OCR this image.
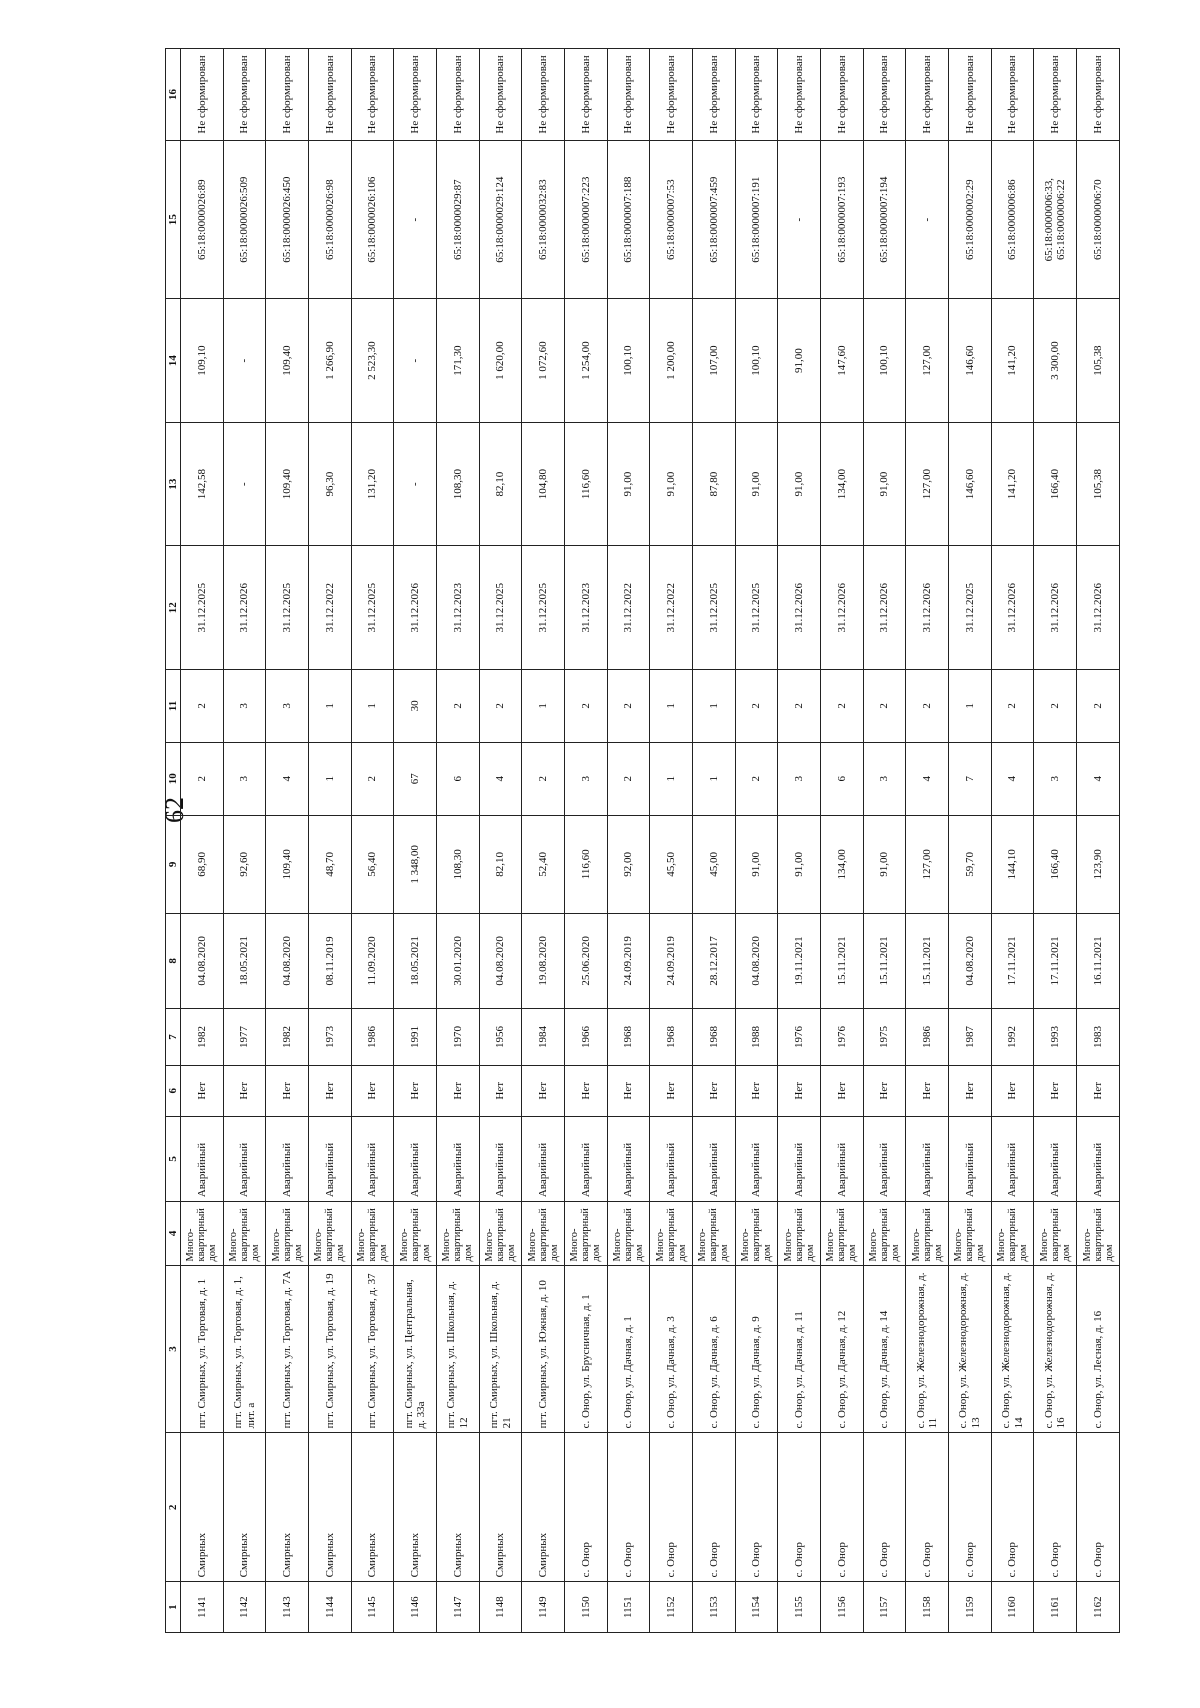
62
1	2	3	4	5	6	7	8	9	10	11	12	13	14	15	16
1141	Смирных	пгт. Смирных, ул. Торговая, д. 1	Много-квартирный дом	Аварийный	Нет	1982	04.08.2020	68,90	2	2	31.12.2025	142,58	109,10	65:18:0000026:89	Не сформирован
1142	Смирных	пгт. Смирных, ул. Торговая, д. 1, лит. а	Много-квартирный дом	Аварийный	Нет	1977	18.05.2021	92,60	3	3	31.12.2026	-	-	65:18:0000026:509	Не сформирован
1143	Смирных	пгт. Смирных, ул. Торговая, д. 7А	Много-квартирный дом	Аварийный	Нет	1982	04.08.2020	109,40	4	3	31.12.2025	109,40	109,40	65:18:0000026:450	Не сформирован
1144	Смирных	пгт. Смирных, ул. Торговая, д. 19	Много-квартирный дом	Аварийный	Нет	1973	08.11.2019	48,70	1	1	31.12.2022	96,30	1 266,90	65:18:0000026:98	Не сформирован
1145	Смирных	пгт. Смирных, ул. Торговая, д. 37	Много-квартирный дом	Аварийный	Нет	1986	11.09.2020	56,40	2	1	31.12.2025	131,20	2 523,30	65:18:0000026:106	Не сформирован
1146	Смирных	пгт. Смирных, ул. Центральная, д. 33а	Много-квартирный дом	Аварийный	Нет	1991	18.05.2021	1 348,00	67	30	31.12.2026	-	-	-	Не сформирован
1147	Смирных	пгт. Смирных, ул. Школьная, д. 12	Много-квартирный дом	Аварийный	Нет	1970	30.01.2020	108,30	6	2	31.12.2023	108,30	171,30	65:18:0000029:87	Не сформирован
1148	Смирных	пгт. Смирных, ул. Школьная, д. 21	Много-квартирный дом	Аварийный	Нет	1956	04.08.2020	82,10	4	2	31.12.2025	82,10	1 620,00	65:18:0000029:124	Не сформирован
1149	Смирных	пгт. Смирных, ул. Южная, д. 10	Много-квартирный дом	Аварийный	Нет	1984	19.08.2020	52,40	2	1	31.12.2025	104,80	1 072,60	65:18:0000032:83	Не сформирован
1150	с. Онор	с. Онор, ул. Брусничная, д. 1	Много-квартирный дом	Аварийный	Нет	1966	25.06.2020	116,60	3	2	31.12.2023	116,60	1 254,00	65:18:0000007:223	Не сформирован
1151	с. Онор	с. Онор, ул. Дачная, д. 1	Много-квартирный дом	Аварийный	Нет	1968	24.09.2019	92,00	2	2	31.12.2022	91,00	100,10	65:18:0000007:188	Не сформирован
1152	с. Онор	с. Онор, ул. Дачная, д. 3	Много-квартирный дом	Аварийный	Нет	1968	24.09.2019	45,50	1	1	31.12.2022	91,00	1 200,00	65:18:0000007:53	Не сформирован
1153	с. Онор	с. Онор, ул. Дачная, д. 6	Много-квартирный дом	Аварийный	Нет	1968	28.12.2017	45,00	1	1	31.12.2025	87,80	107,00	65:18:0000007:459	Не сформирован
1154	с. Онор	с. Онор, ул. Дачная, д. 9	Много-квартирный дом	Аварийный	Нет	1988	04.08.2020	91,00	2	2	31.12.2025	91,00	100,10	65:18:0000007:191	Не сформирован
1155	с. Онор	с. Онор, ул. Дачная, д. 11	Много-квартирный дом	Аварийный	Нет	1976	19.11.2021	91,00	3	2	31.12.2026	91,00	91,00	-	Не сформирован
1156	с. Онор	с. Онор, ул. Дачная, д. 12	Много-квартирный дом	Аварийный	Нет	1976	15.11.2021	134,00	6	2	31.12.2026	134,00	147,60	65:18:0000007:193	Не сформирован
1157	с. Онор	с. Онор, ул. Дачная, д. 14	Много-квартирный дом	Аварийный	Нет	1975	15.11.2021	91,00	3	2	31.12.2026	91,00	100,10	65:18:0000007:194	Не сформирован
1158	с. Онор	с. Онор, ул. Железнодорожная, д. 11	Много-квартирный дом	Аварийный	Нет	1986	15.11.2021	127,00	4	2	31.12.2026	127,00	127,00	-	Не сформирован
1159	с. Онор	с. Онор, ул. Железнодорожная, д. 13	Много-квартирный дом	Аварийный	Нет	1987	04.08.2020	59,70	7	1	31.12.2025	146,60	146,60	65:18:0000002:29	Не сформирован
1160	с. Онор	с. Онор, ул. Железнодорожная, д. 14	Много-квартирный дом	Аварийный	Нет	1992	17.11.2021	144,10	4	2	31.12.2026	141,20	141,20	65:18:0000006:86	Не сформирован
1161	с. Онор	с. Онор, ул. Железнодорожная, д. 16	Много-квартирный дом	Аварийный	Нет	1993	17.11.2021	166,40	3	2	31.12.2026	166,40	3 300,00	65:18:0000006:33, 65:18:0000006:22	Не сформирован
1162	с. Онор	с. Онор, ул. Лесная, д. 16	Много-квартирный дом	Аварийный	Нет	1983	16.11.2021	123,90	4	2	31.12.2026	105,38	105,38	65:18:0000006:70	Не сформирован
